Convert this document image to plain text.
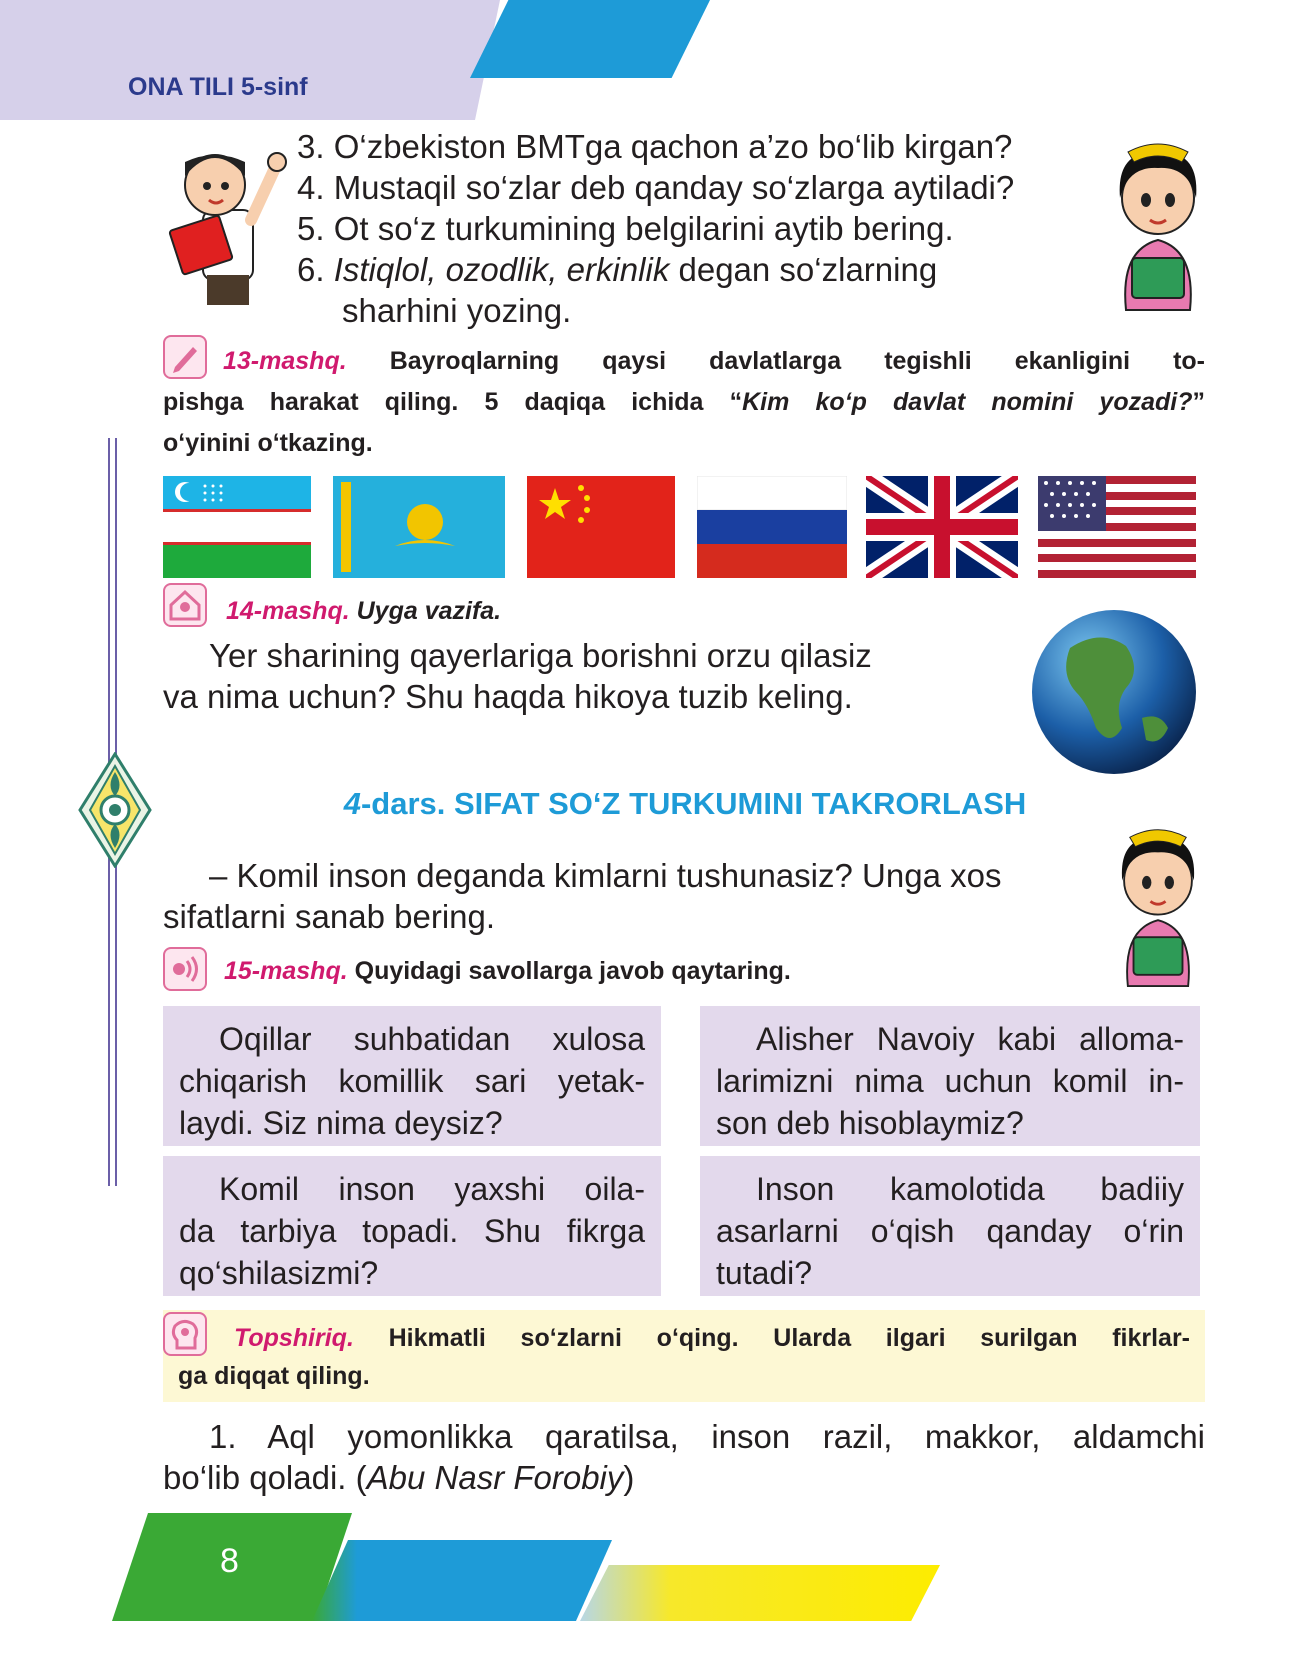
ONA TILI 5-sinf
3. O‘zbekiston BMTga qachon a’zo bo‘lib kirgan?
4. Mustaqil so‘zlar deb qanday so‘zlarga aytiladi?
5. Ot so‘z turkumining belgilarini aytib bering.
6. Istiqlol, ozodlik, erkinlik degan so‘zlarning
sharhini yozing.
13-mashq. Bayroqlarning qaysi davlatlarga tegishli ekanligini to-
pishga harakat qiling. 5 daqiqa ichida “Kim ko‘p davlat nomini yozadi?”
o‘yinini o‘tkazing.
14-mashq. Uyga vazifa.
Yer sharining qayerlariga borishni orzu qilasiz
va nima uchun? Shu haqda hikoya tuzib keling.
4-dars. SIFAT SO‘Z TURKUMINI TAKRORLASH
– Komil inson deganda kimlarni tushunasiz? Unga xos
sifatlarni sanab bering.
15-mashq. Quyidagi savollarga javob qaytaring.
Oqillar suhbatidan xulosa
chiqarish komillik sari yetak-
laydi. Siz nima deysiz?
Alisher Navoiy kabi alloma-
larimizni nima uchun komil in-
son deb hisoblaymiz?
Komil inson yaxshi oila-
da tarbiya topadi. Shu fikrga
qo‘shilasizmi?
Inson kamolotida badiiy
asarlarni o‘qish qanday o‘rin
tutadi?
Topshiriq. Hikmatli so‘zlarni o‘qing. Ularda ilgari surilgan fikrlar-
ga diqqat qiling.
1. Aql yomonlikka qaratilsa, inson razil, makkor, aldamchi
bo‘lib qoladi. (Abu Nasr Forobiy)
8
